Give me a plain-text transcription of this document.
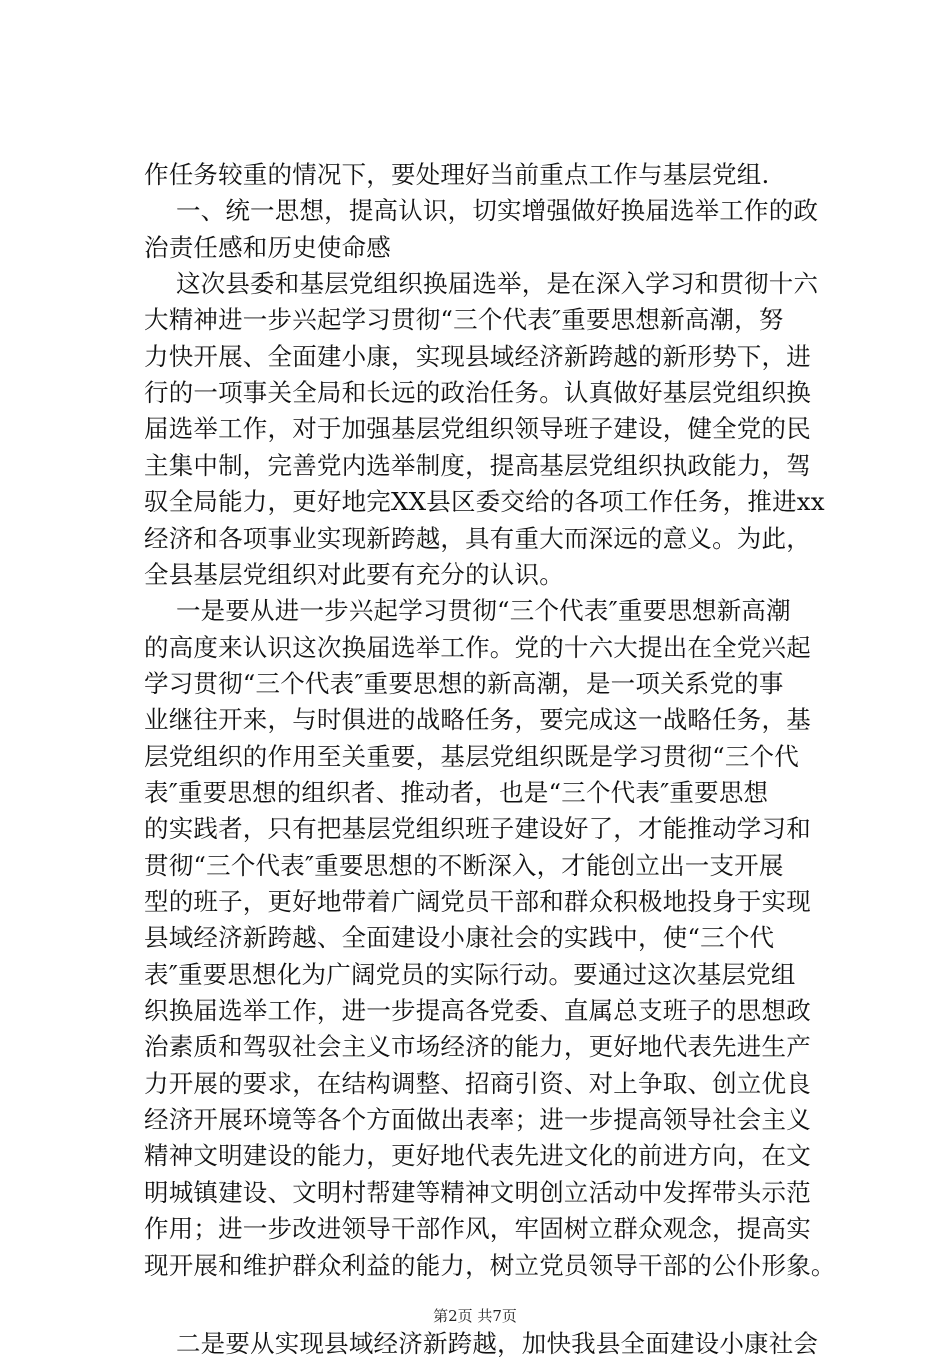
作任务较重的情况下，要处理好当前重点工作与基层党组.
一、统一思想，提高认识，切实增强做好换届选举工作的政
治责任感和历史使命感
这次县委和基层党组织换届选举，是在深入学习和贯彻十六
大精神进一步兴起学习贯彻“三个代表″重要思想新高潮，努
力快开展、全面建小康，实现县域经济新跨越的新形势下，进
行的一项事关全局和长远的政治任务。认真做好基层党组织换
届选举工作，对于加强基层党组织领导班子建设，健全党的民
主集中制，完善党内选举制度，提高基层党组织执政能力，驾
驭全局能力，更好地完XX县区委交给的各项工作任务，推进xx
经济和各项事业实现新跨越，具有重大而深远的意义。为此，
全县基层党组织对此要有充分的认识。
一是要从进一步兴起学习贯彻“三个代表″重要思想新高潮
的高度来认识这次换届选举工作。党的十六大提出在全党兴起
学习贯彻“三个代表″重要思想的新高潮，是一项关系党的事
业继往开来，与时俱进的战略任务，要完成这一战略任务，基
层党组织的作用至关重要，基层党组织既是学习贯彻“三个代
表″重要思想的组织者、推动者，也是“三个代表″重要思想
的实践者，只有把基层党组织班子建设好了，才能推动学习和
贯彻“三个代表″重要思想的不断深入，才能创立出一支开展
型的班子，更好地带着广阔党员干部和群众积极地投身于实现
县域经济新跨越、全面建设小康社会的实践中，使“三个代
表″重要思想化为广阔党员的实际行动。要通过这次基层党组
织换届选举工作，进一步提高各党委、直属总支班子的思想政
治素质和驾驭社会主义市场经济的能力，更好地代表先进生产
力开展的要求，在结构调整、招商引资、对上争取、创立优良
经济开展环境等各个方面做出表率；进一步提高领导社会主义
精神文明建设的能力，更好地代表先进文化的前进方向，在文
明城镇建设、文明村帮建等精神文明创立活动中发挥带头示范
作用；进一步改进领导干部作风，牢固树立群众观念，提高实
现开展和维护群众利益的能力，树立党员领导干部的公仆形象。
二是要从实现县域经济新跨越，加快我县全面建设小康社会
第2页 共7页
